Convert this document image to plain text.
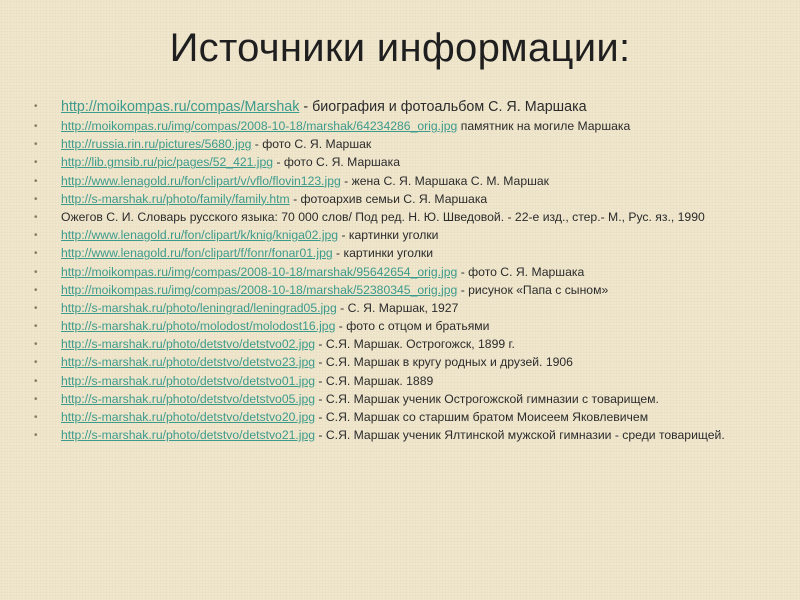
Источники информации:
• http://moikompas.ru/compas/Marshak - биография и фотоальбом С. Я. Маршака
• http://moikompas.ru/img/compas/2008-10-18/marshak/64234286_orig.jpg памятник на могиле Маршака
• http://russia.rin.ru/pictures/5680.jpg - фото С. Я. Маршак
• http://lib.gmsib.ru/pic/pages/52_421.jpg - фото С. Я. Маршака
• http://www.lenagold.ru/fon/clipart/v/vflo/flovin123.jpg - жена С. Я. Маршака С. М. Маршак
• http://s-marshak.ru/photo/family/family.htm - фотоархив семьи С. Я. Маршака
• Ожегов С. И. Словарь русского языка: 70 000 слов/ Под ред. Н. Ю. Шведовой. - 22-е изд., стер.- М., Рус. яз., 1990
• http://www.lenagold.ru/fon/clipart/k/knig/kniga02.jpg - картинки уголки
• http://www.lenagold.ru/fon/clipart/f/fonr/fonar01.jpg - картинки уголки
• http://moikompas.ru/img/compas/2008-10-18/marshak/95642654_orig.jpg - фото С. Я. Маршака
• http://moikompas.ru/img/compas/2008-10-18/marshak/52380345_orig.jpg - рисунок «Папа с сыном»
• http://s-marshak.ru/photo/leningrad/leningrad05.jpg - С. Я. Маршак, 1927
• http://s-marshak.ru/photo/molodost/molodost16.jpg - фото с отцом и братьями
• http://s-marshak.ru/photo/detstvo/detstvo02.jpg - С.Я. Маршак. Острогожск, 1899 г.
• http://s-marshak.ru/photo/detstvo/detstvo23.jpg - С.Я. Маршак в кругу родных и друзей. 1906
• http://s-marshak.ru/photo/detstvo/detstvo01.jpg - С.Я. Маршак. 1889
• http://s-marshak.ru/photo/detstvo/detstvo05.jpg - С.Я. Маршак ученик Острогожской гимназии с товарищем.
• http://s-marshak.ru/photo/detstvo/detstvo20.jpg - С.Я. Маршак со старшим братом Моисеем Яковлевичем
• http://s-marshak.ru/photo/detstvo/detstvo21.jpg - С.Я. Маршак ученик Ялтинской мужской гимназии - среди товарищей.
